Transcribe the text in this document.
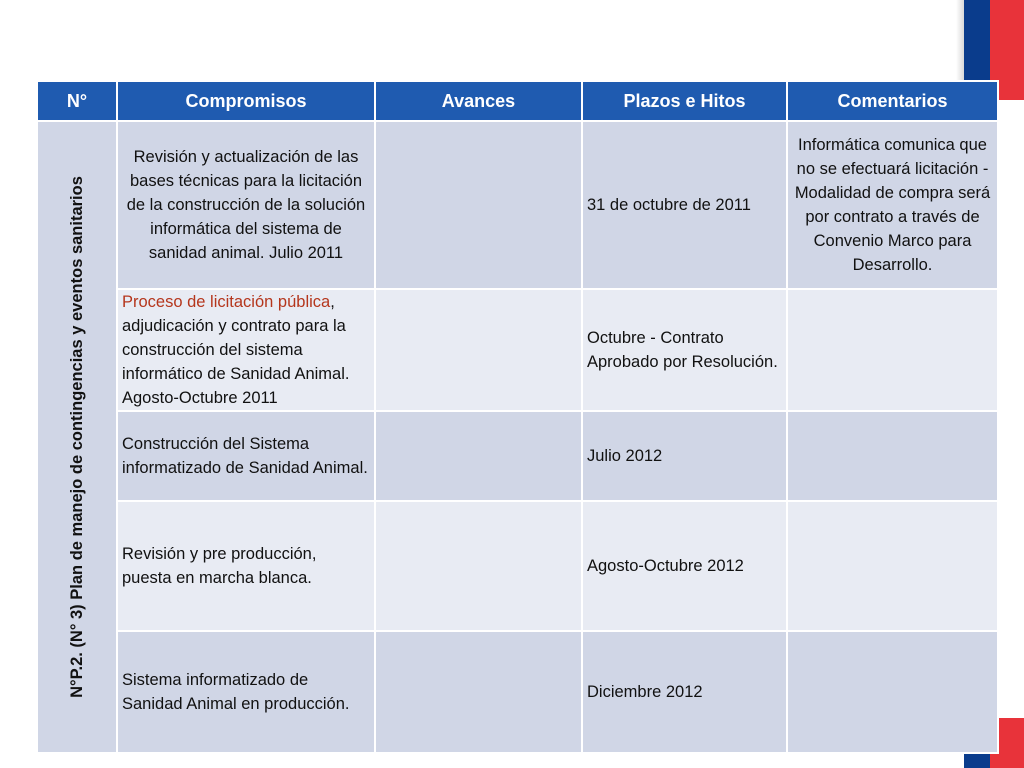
N°	Compromisos	Avances	Plazos e Hitos	Comentarios

N°P.2. (N° 3) Plan de manejo de contingencias y eventos sanitarios	Revisión y actualización de las bases técnicas para la licitación de la construcción de la solución informática del sistema de sanidad animal. Julio 2011		31 de octubre de 2011	Informática comunica que no se efectuará licitación - Modalidad de compra será por contrato a través de Convenio Marco para Desarrollo.
	Proceso de licitación pública, adjudicación y contrato para la construcción del sistema informático de Sanidad Animal. Agosto-Octubre 2011		Octubre - Contrato Aprobado por Resolución.	
	Construcción del Sistema informatizado de Sanidad Animal.		Julio 2012	
	Revisión y pre producción, puesta en marcha blanca.		Agosto-Octubre 2012	
	Sistema informatizado de Sanidad Animal en producción.		Diciembre 2012	
